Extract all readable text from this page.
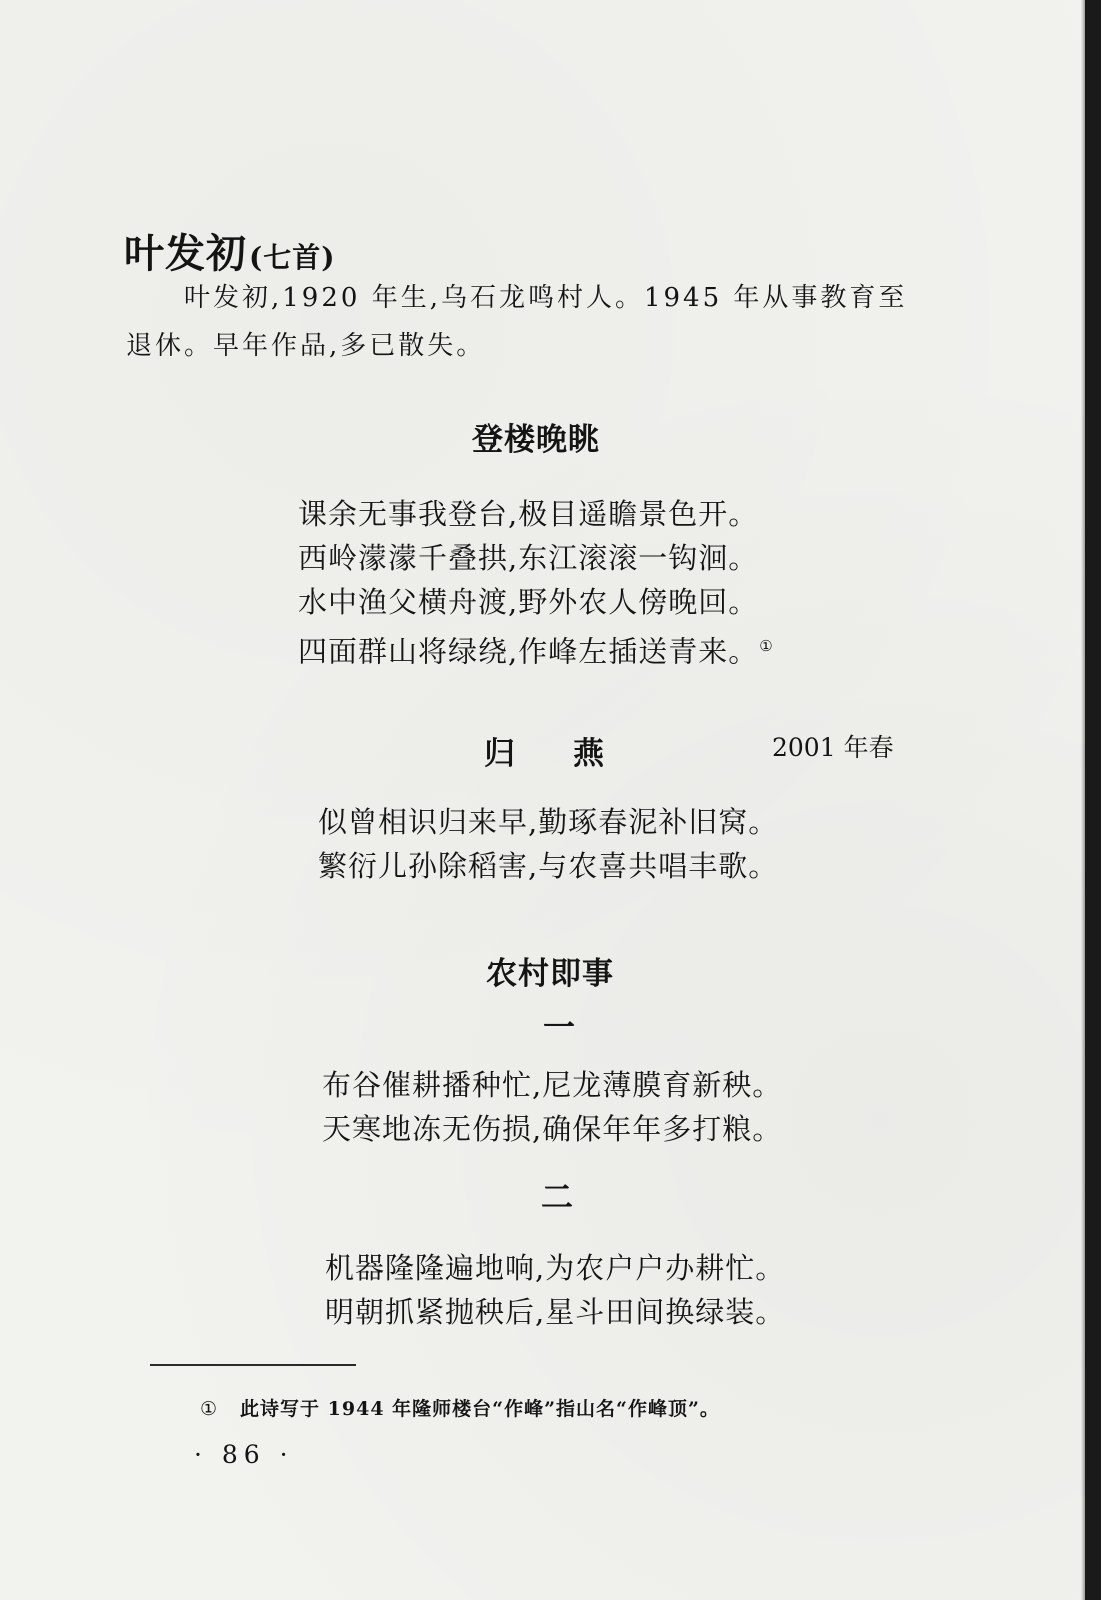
叶发初(七首)
叶发初,1920 年生,乌石龙鸣村人。1945 年从事教育至
退休。早年作品,多已散失。
登楼晚眺
课余无事我登台,极目遥瞻景色开。
西岭濛濛千叠拱,东江滚滚一钩洄。
水中渔父横舟渡,野外农人傍晚回。
四面群山将绿绕,作峰左插送青来。①
归燕	2001 年春
似曾相识归来早,勤琢春泥补旧窝。
繁衍儿孙除稻害,与农喜共唱丰歌。
农村即事
一
布谷催耕播种忙,尼龙薄膜育新秧。
天寒地冻无伤损,确保年年多打粮。
二
机器隆隆遍地响,为农户户办耕忙。
明朝抓紧抛秧后,星斗田间换绿装。
① 此诗写于 1944 年隆师楼台“作峰”指山名“作峰顶”。
· 86 ·
